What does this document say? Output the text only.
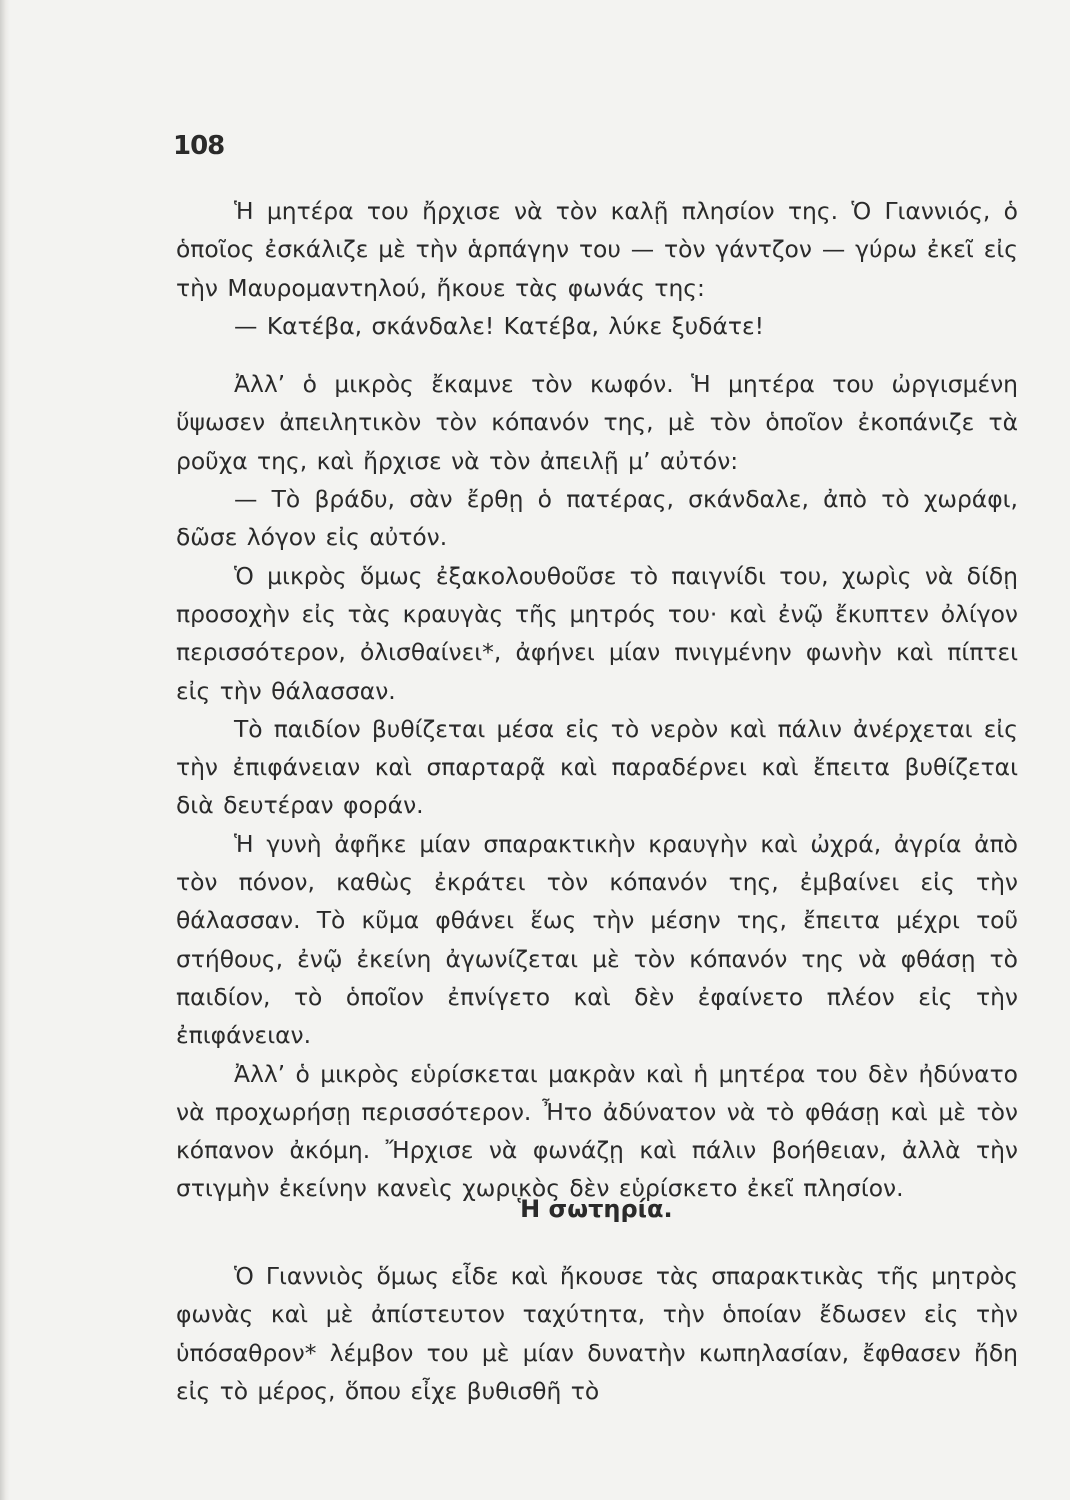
108

Ἡ μητέρα του ἤρχισε νὰ τὸν καλῇ πλησίον της. Ὁ Γιαννιός, ὁ ὁποῖος ἐσκάλιζε μὲ τὴν ἁρπάγην του — τὸν γάντζον — γύρω ἐκεῖ εἰς τὴν Μαυρομαντηλού, ἤκουε τὰς φωνάς της:

— Κατέβα, σκάνδαλε! Κατέβα, λύκε ξυδάτε!

Ἀλλ’ ὁ μικρὸς ἔκαμνε τὸν κωφόν. Ἡ μητέρα του ὠργισμένη ὕψωσεν ἀπειλητικὸν τὸν κόπανόν της, μὲ τὸν ὁποῖον ἐκοπάνιζε τὰ ροῦχα της, καὶ ἤρχισε νὰ τὸν ἀπειλῇ μ’ αὐτόν:

— Τὸ βράδυ, σὰν ἔρθῃ ὁ πατέρας, σκάνδαλε, ἀπὸ τὸ χωράφι, δῶσε λόγον εἰς αὐτόν.

Ὁ μικρὸς ὅμως ἐξακολουθοῦσε τὸ παιγνίδι του, χωρὶς νὰ δίδῃ προσοχὴν εἰς τὰς κραυγὰς τῆς μητρός του· καὶ ἐνῷ ἔκυπτεν ὀλίγον περισσότερον, ὀλισθαίνει*, ἀφήνει μίαν πνιγμένην φωνὴν καὶ πίπτει εἰς τὴν θάλασσαν.

Τὸ παιδίον βυθίζεται μέσα εἰς τὸ νερὸν καὶ πάλιν ἀνέρχεται εἰς τὴν ἐπιφάνειαν καὶ σπαρταρᾷ καὶ παραδέρνει καὶ ἔπειτα βυθίζεται διὰ δευτέραν φοράν.

Ἡ γυνὴ ἀφῆκε μίαν σπαρακτικὴν κραυγὴν καὶ ὠχρά, ἀγρία ἀπὸ τὸν πόνον, καθὼς ἐκράτει τὸν κόπανόν της, ἐμβαίνει εἰς τὴν θάλασσαν. Τὸ κῦμα φθάνει ἕως τὴν μέσην της, ἔπειτα μέχρι τοῦ στήθους, ἐνῷ ἐκείνη ἀγωνίζεται μὲ τὸν κόπανόν της νὰ φθάσῃ τὸ παιδίον, τὸ ὁποῖον ἐπνίγετο καὶ δὲν ἐφαίνετο πλέον εἰς τὴν ἐπιφάνειαν.

Ἀλλ’ ὁ μικρὸς εὑρίσκεται μακρὰν καὶ ἡ μητέρα του δὲν ἠδύνατο νὰ προχωρήσῃ περισσότερον. Ἦτο ἀδύνατον νὰ τὸ φθάσῃ καὶ μὲ τὸν κόπανον ἀκόμη. Ἤρχισε νὰ φωνάζῃ καὶ πάλιν βοήθειαν, ἀλλὰ τὴν στιγμὴν ἐκείνην κανεὶς χωρικὸς δὲν εὑρίσκετο ἐκεῖ πλησίον.

Ἡ σωτηρία.

Ὁ Γιαννιὸς ὅμως εἶδε καὶ ἤκουσε τὰς σπαρακτικὰς τῆς μητρὸς φωνὰς καὶ μὲ ἀπίστευτον ταχύτητα, τὴν ὁποίαν ἔδωσεν εἰς τὴν ὑπόσαθρον* λέμβον του μὲ μίαν δυνατὴν κωπηλασίαν, ἔφθασεν ἤδη εἰς τὸ μέρος, ὅπου εἶχε βυθισθῆ τὸ
